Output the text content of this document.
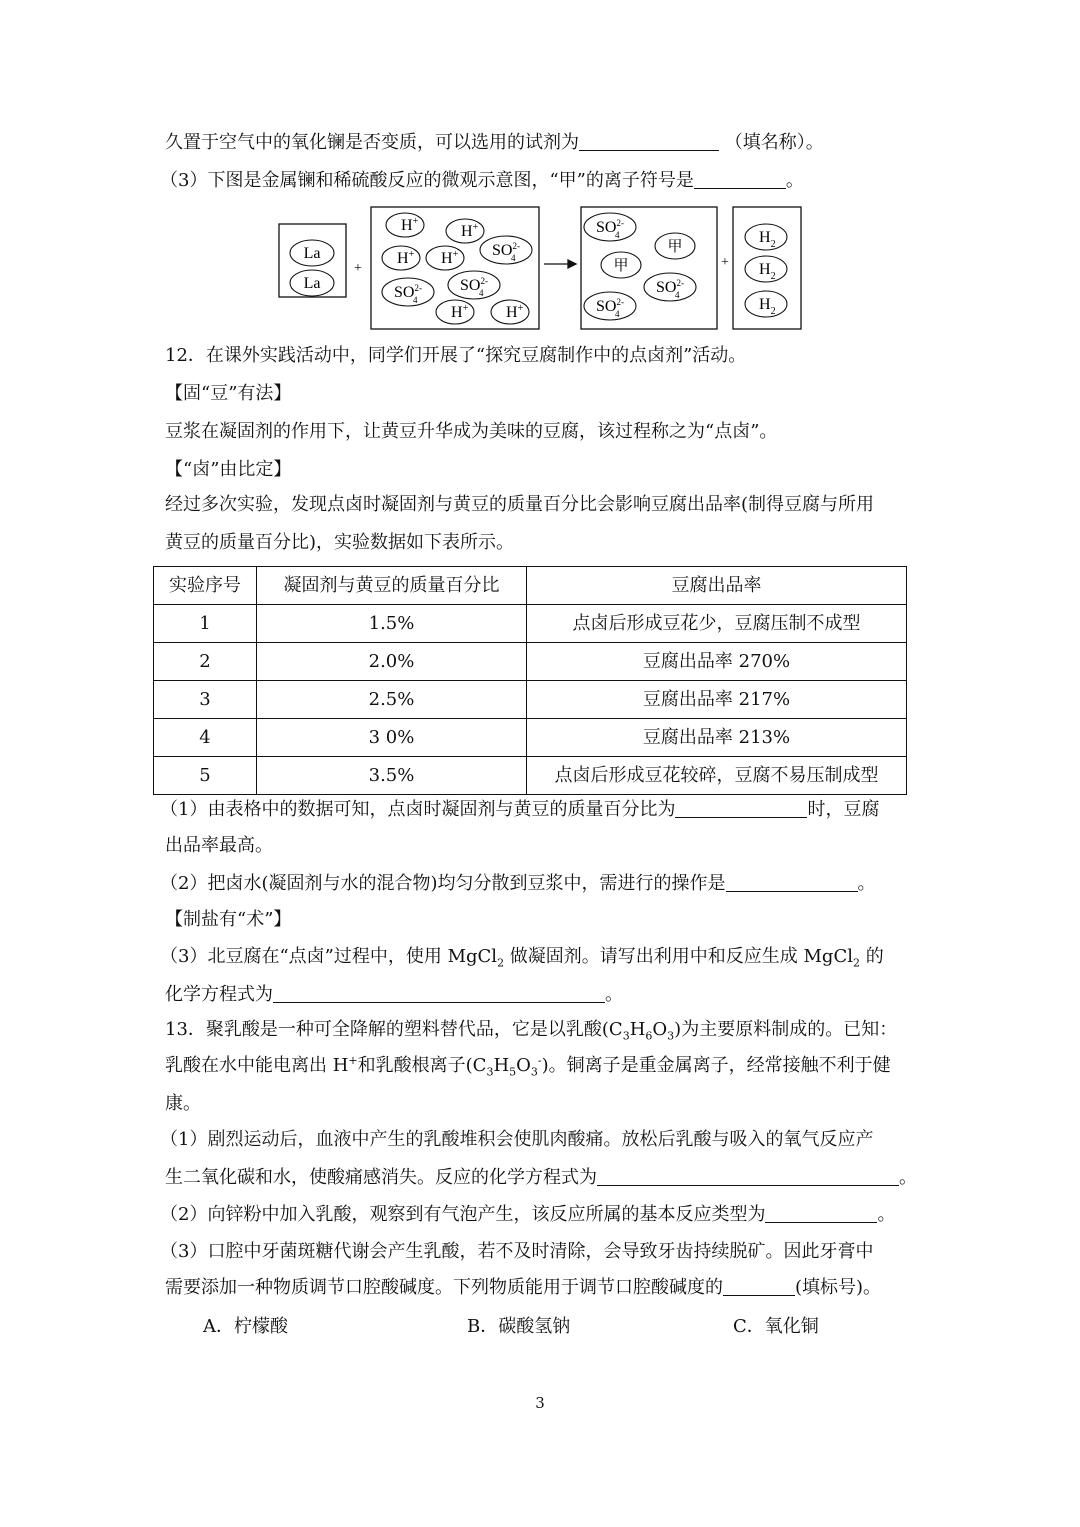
久置于空气中的氧化镧是否变质，可以选用的试剂为	（填名称）。
（3）下图是金属镧和稀硫酸反应的微观示意图，“甲”的离子符号是	。
La
La
+	+
H+
H+
H+ H+
H+ H+
$SO^{2-}4$
$SO^{2-}4$
$SO^{2-}4$
$SO^{2-}4$
$SO^{2-}4$
$SO^{2-}4$
甲
甲
$H_2$
$H_2$
$H_2$
12．在课外实践活动中，同学们开展了“探究豆腐制作中的点卤剂”活动。
【固“豆”有法】
豆浆在凝固剂的作用下，让黄豆升华成为美味的豆腐，该过程称之为“点卤”。
【“卤”由比定】
经过多次实验，发现点卤时凝固剂与黄豆的质量百分比会影响豆腐出品率(制得豆腐与所用
黄豆的质量百分比)，实验数据如下表所示。
实验序号	凝固剂与黄豆的质量百分比	豆腐出品率
1	1.5%	点卤后形成豆花少，豆腐压制不成型
2	2.0%	豆腐出品率 270%
3	2.5%	豆腐出品率 217%
4	3 0%	豆腐出品率 213%
5	3.5%	点卤后形成豆花较碎，豆腐不易压制成型
（1）由表格中的数据可知，点卤时凝固剂与黄豆的质量百分比为	时，豆腐
出品率最高。
（2）把卤水(凝固剂与水的混合物)均匀分散到豆浆中，需进行的操作是	。
【制盐有“术”】
（3）北豆腐在“点卤”过程中，使用 MgCl$_2$ 做凝固剂。请写出利用中和反应生成 MgCl$_2$ 的
化学方程式为	。
13．聚乳酸是一种可全降解的塑料替代品，它是以乳酸$(C_3H_6O_3)$为主要原料制成的。已知：
乳酸在水中能电离出 H+和乳酸根离子$(C_3H_5O_3^-)$。铜离子是重金属离子，经常接触不利于健
康。
（1）剧烈运动后，血液中产生的乳酸堆积会使肌肉酸痛。放松后乳酸与吸入的氧气反应产
生二氧化碳和水，使酸痛感消失。反应的化学方程式为	。
（2）向锌粉中加入乳酸，观察到有气泡产生，该反应所属的基本反应类型为	。
（3）口腔中牙菌斑糖代谢会产生乳酸，若不及时清除，会导致牙齿持续脱矿。因此牙膏中
需要添加一种物质调节口腔酸碱度。下列物质能用于调节口腔酸碱度的	(填标号)。
A．柠檬酸	B．碳酸氢钠	C．氧化铜
3
